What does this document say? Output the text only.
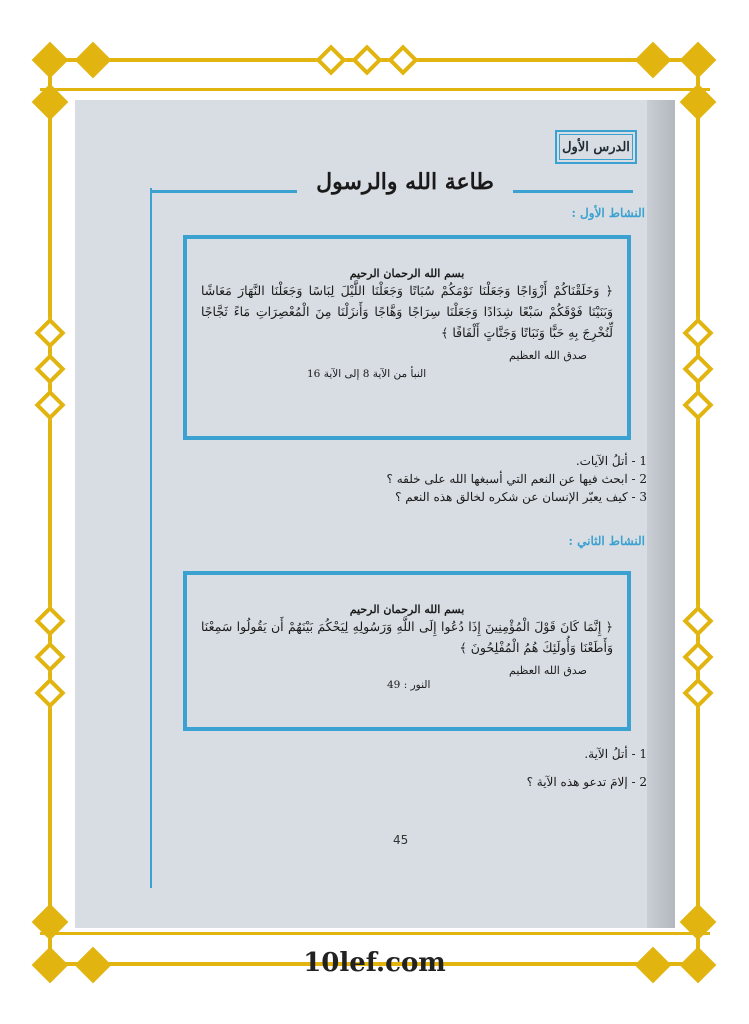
الدرس الأول
طاعة الله والرسول
النشاط الأول :
بسم الله الرحمان الرحيم
﴿ وَخَلَقْنَاكُمْ أَزْوَاجًا وَجَعَلْنَا نَوْمَكُمْ سُبَاتًا وَجَعَلْنَا اللَّيْلَ لِبَاسًا وَجَعَلْنَا النَّهَارَ مَعَاشًا وَبَنَيْنَا فَوْقَكُمْ سَبْعًا شِدَادًا وَجَعَلْنَا سِرَاجًا وَهَّاجًا وَأَنزَلْنَا مِنَ الْمُعْصِرَاتِ مَاءً ثَجَّاجًا لِّنُخْرِجَ بِهِ حَبًّا وَنَبَاتًا وَجَنَّاتٍ أَلْفَافًا ﴾
صدق الله العظيم
النبأ من الآية 8 إلى الآية 16
1 - أتلُ الآيات.
2 - ابحث فيها عن النعم التي أسبغها الله على خلقه ؟
3 - كيف يعبّر الإنسان عن شكره لخالق هذه النعم ؟
النشاط الثاني :
بسم الله الرحمان الرحيم
﴿ إِنَّمَا كَانَ قَوْلَ الْمُؤْمِنِينَ إِذَا دُعُوا إِلَى اللَّهِ وَرَسُولِهِ لِيَحْكُمَ بَيْنَهُمْ أَن يَقُولُوا سَمِعْنَا وَأَطَعْنَا وَأُولَئِكَ هُمُ الْمُفْلِحُونَ ﴾
صدق الله العظيم
النور : 49
1 - أتلُ الآية.
2 - إلامَ تدعو هذه الآية ؟
45
10lef.com
